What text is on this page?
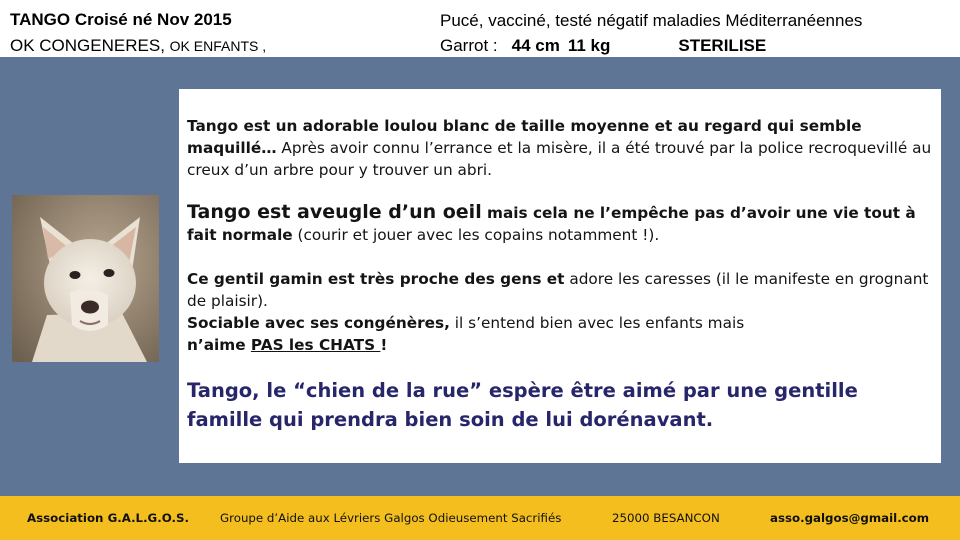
TANGO Croisé né Nov 2015
OK CONGENERES, OK ENFANTS ,
Pucé, vacciné, testé négatif maladies Méditerranéennes
Garrot : 44 cm 11 kg	STERILISE

Tango est un adorable loulou blanc de taille moyenne et au regard qui semble maquillé… Après avoir connu l’errance et la misère, il a été trouvé par la police recroquevillé au creux d’un arbre pour y trouver un abri.

Tango est aveugle d’un oeil mais cela ne l’empêche pas d’avoir une vie tout à fait normale (courir et jouer avec les copains notamment !).

Ce gentil gamin est très proche des gens et adore les caresses (il le manifeste en grognant de plaisir).

Sociable avec ses congénères, il s’entend bien avec les enfants mais

n’aime PAS les CHATS !

Tango, le “chien de la rue” espère être aimé par une gentille famille qui prendra bien soin de lui dorénavant.

Association G.A.L.G.O.S.	Groupe d’Aide aux Lévriers Galgos Odieusement Sacrifiés	25000 BESANCON	asso.galgos@gmail.com
